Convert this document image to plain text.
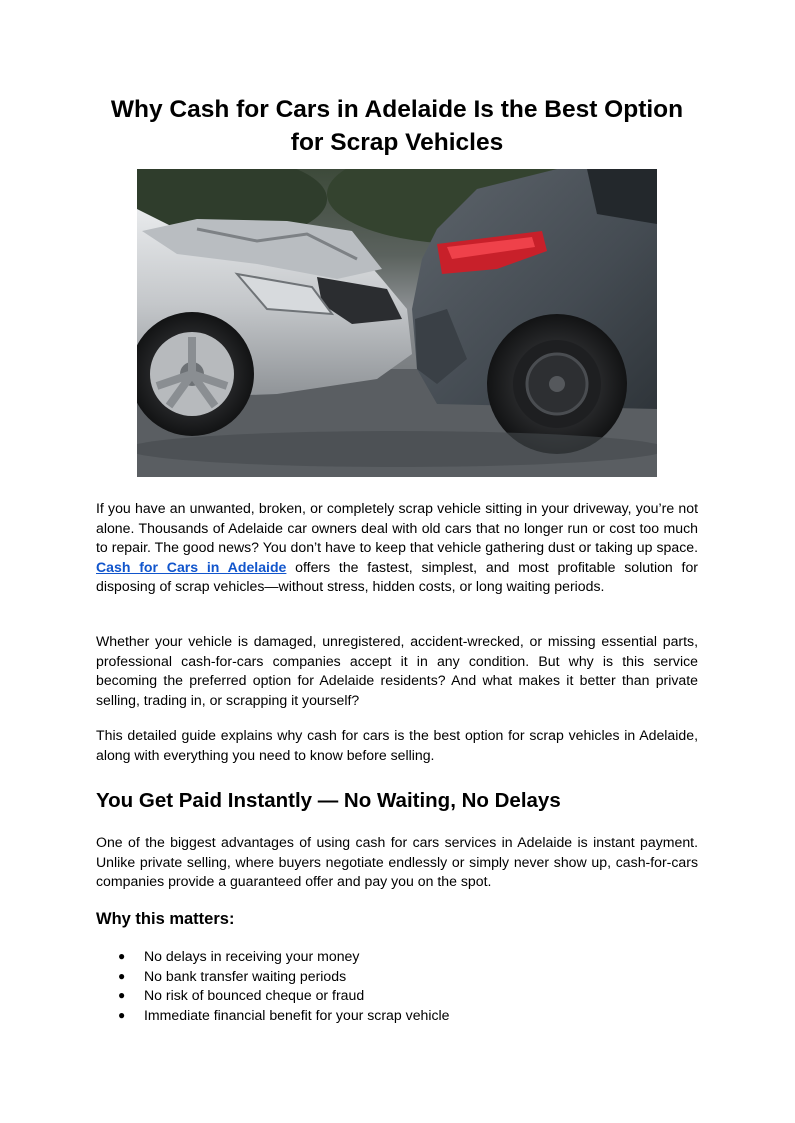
Why Cash for Cars in Adelaide Is the Best Option for Scrap Vehicles

If you have an unwanted, broken, or completely scrap vehicle sitting in your driveway, you’re not alone. Thousands of Adelaide car owners deal with old cars that no longer run or cost too much to repair. The good news? You don’t have to keep that vehicle gathering dust or taking up space. Cash for Cars in Adelaide offers the fastest, simplest, and most profitable solution for disposing of scrap vehicles—without stress, hidden costs, or long waiting periods.

Whether your vehicle is damaged, unregistered, accident-wrecked, or missing essential parts, professional cash-for-cars companies accept it in any condition. But why is this service becoming the preferred option for Adelaide residents? And what makes it better than private selling, trading in, or scrapping it yourself?

This detailed guide explains why cash for cars is the best option for scrap vehicles in Adelaide, along with everything you need to know before selling.

You Get Paid Instantly — No Waiting, No Delays

One of the biggest advantages of using cash for cars services in Adelaide is instant payment. Unlike private selling, where buyers negotiate endlessly or simply never show up, cash-for-cars companies provide a guaranteed offer and pay you on the spot.

Why this matters:
● No delays in receiving your money
● No bank transfer waiting periods
● No risk of bounced cheque or fraud
● Immediate financial benefit for your scrap vehicle
